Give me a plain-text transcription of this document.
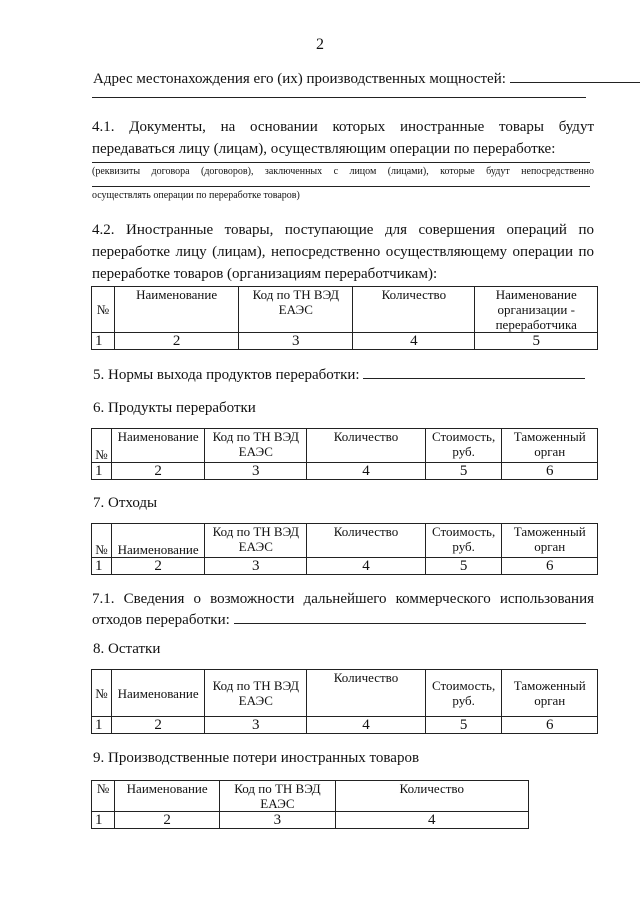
2
Адрес местонахождения его (их) производственных мощностей:
4.1. Документы, на основании которых иностранные товары будут передаваться лицу (лицам), осуществляющим операции по переработке:
(реквизиты договора (договоров), заключенных с лицом (лицами), которые будут непосредственно
осуществлять операции по переработке товаров)
4.2. Иностранные товары, поступающие для совершения операций по переработке лицу (лицам), непосредственно осуществляющему операции по переработке товаров (организациям переработчикам):
№	Наименование	Код по ТН ВЭД ЕАЭС	Количество	Наименование организации - переработчика
1	2	3	4	5
5. Нормы выхода продуктов переработки:
6. Продукты переработки
№	Наименование	Код по ТН ВЭД ЕАЭС	Количество	Стоимость, руб.	Таможенный орган
1	2	3	4	5	6
7. Отходы
№	Наименование	Код по ТН ВЭД ЕАЭС	Количество	Стоимость, руб.	Таможенный орган
1	2	3	4	5	6
7.1. Сведения о возможности дальнейшего коммерческого использования
отходов переработки:
8. Остатки
№	Наименование	Код по ТН ВЭД ЕАЭС	Количество	Стоимость, руб.	Таможенный орган
1	2	3	4	5	6
9. Производственные потери иностранных товаров
№	Наименование	Код по ТН ВЭД ЕАЭС	Количество
1	2	3	4
